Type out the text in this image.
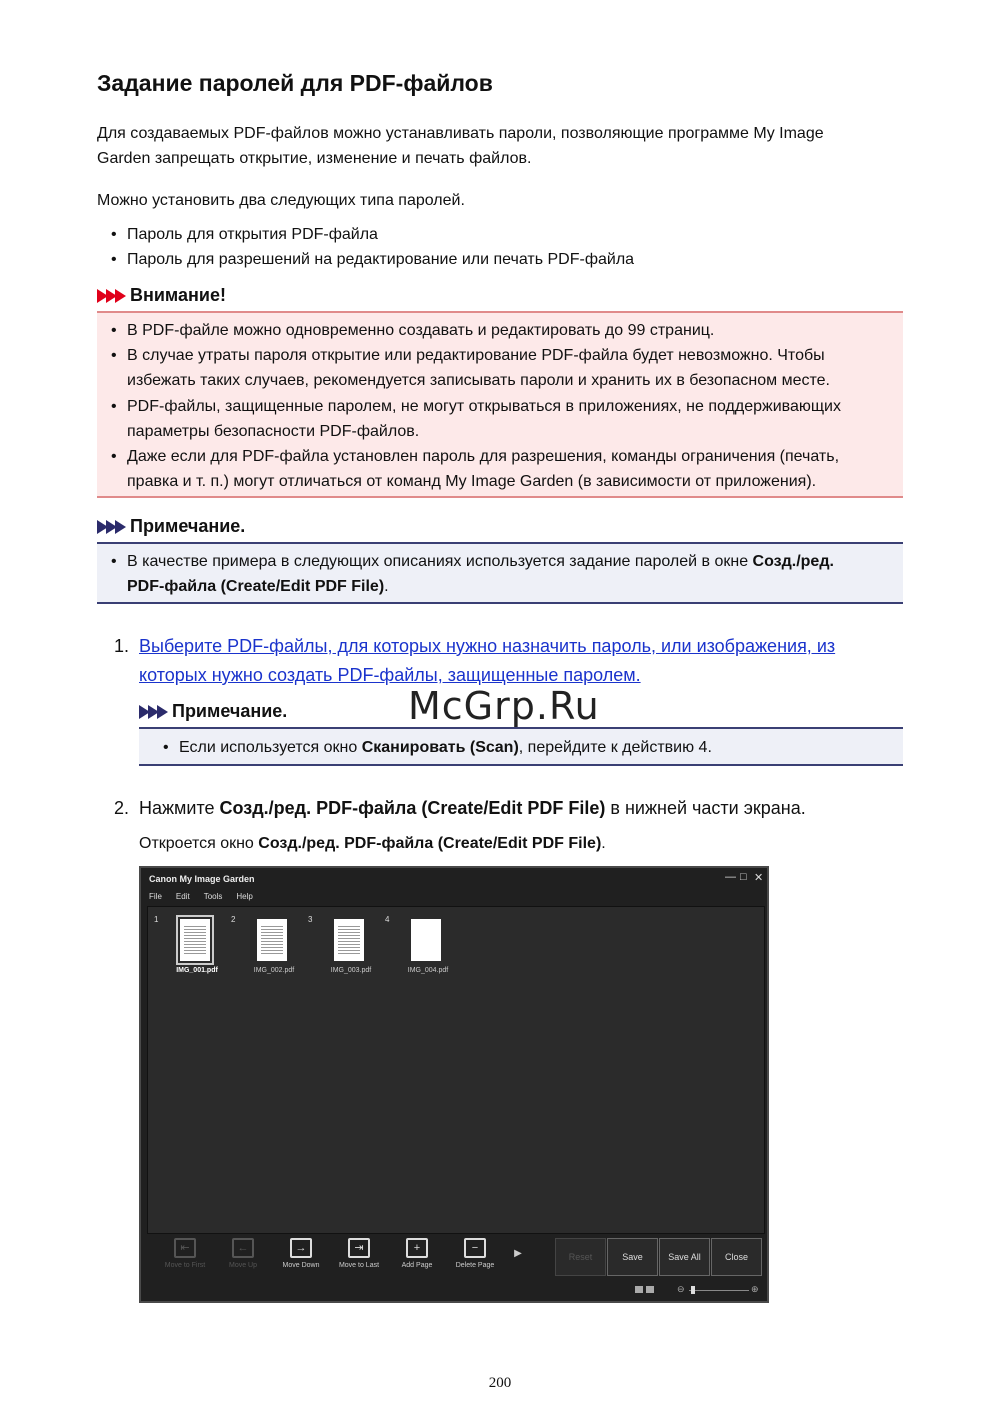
Задание паролей для PDF-файлов
Для создаваемых PDF-файлов можно устанавливать пароли, позволяющие программе My Image
Garden запрещать открытие, изменение и печать файлов.
Можно установить два следующих типа паролей.
• Пароль для открытия PDF-файла
• Пароль для разрешений на редактирование или печать PDF-файла
Внимание!
• В PDF-файле можно одновременно создавать и редактировать до 99 страниц.
• В случае утраты пароля открытие или редактирование PDF-файла будет невозможно. Чтобы
избежать таких случаев, рекомендуется записывать пароли и хранить их в безопасном месте.
• PDF-файлы, защищенные паролем, не могут открываться в приложениях, не поддерживающих
параметры безопасности PDF-файлов.
• Даже если для PDF-файла установлен пароль для разрешения, команды ограничения (печать,
правка и т. п.) могут отличаться от команд My Image Garden (в зависимости от приложения).
Примечание.
• В качестве примера в следующих описаниях используется задание паролей в окне Созд./ред.
PDF-файла (Create/Edit PDF File).
1. Выберите PDF-файлы, для которых нужно назначить пароль, или изображения, из
которых нужно создать PDF-файлы, защищенные паролем.
Примечание.
• Если используется окно Сканировать (Scan), перейдите к действию 4.
McGrp.Ru
2. Нажмите Созд./ред. PDF-файла (Create/Edit PDF File) в нижней части экрана.
Откроется окно Созд./ред. PDF-файла (Create/Edit PDF File).
Canon My Image Garden	— □ ✕
File Edit Tools Help
1
IMG_001.pdf
2
IMG_002.pdf
3
IMG_003.pdf
4
IMG_004.pdf
⇤
Move to First
←
Move Up
→
Move Down
⇥
Move to Last
+
Add Page
−
Delete Page
▶	Reset	Save	Save All	Close
⊖	⊕
200
